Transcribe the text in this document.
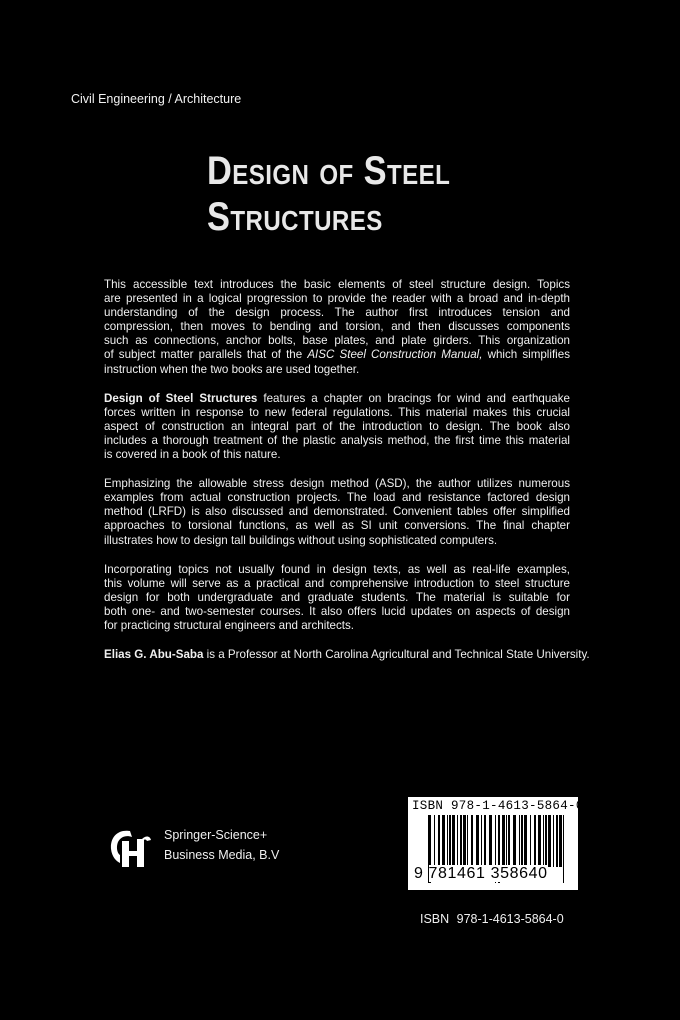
Civil Engineering / Architecture
Design of Steel
Structures
This accessible text introduces the basic elements of steel structure design. Topics
are presented in a logical progression to provide the reader with a broad and in-depth
understanding of the design process. The author first introduces tension and
compression, then moves to bending and torsion, and then discusses components
such as connections, anchor bolts, base plates, and plate girders. This organization
of subject matter parallels that of the AISC Steel Construction Manual, which simplifies
instruction when the two books are used together.
Design of Steel Structures features a chapter on bracings for wind and earthquake
forces written in response to new federal regulations. This material makes this crucial
aspect of construction an integral part of the introduction to design. The book also
includes a thorough treatment of the plastic analysis method, the first time this material
is covered in a book of this nature.
Emphasizing the allowable stress design method (ASD), the author utilizes numerous
examples from actual construction projects. The load and resistance factored design
method (LRFD) is also discussed and demonstrated. Convenient tables offer simplified
approaches to torsional functions, as well as SI unit conversions. The final chapter
illustrates how to design tall buildings without using sophisticated computers.
Incorporating topics not usually found in design texts, as well as real-life examples,
this volume will serve as a practical and comprehensive introduction to steel structure
design for both undergraduate and graduate students. The material is suitable for
both one- and two-semester courses. It also offers lucid updates on aspects of design
for practicing structural engineers and architects.
Elias G. Abu-Saba is a Professor at North Carolina Agricultural and Technical State University.
Springer-Science+
Business Media, B.V
ISBN 978-1-4613-5864-0
9 781461 358640
ISBN 978-1-4613-5864-0
